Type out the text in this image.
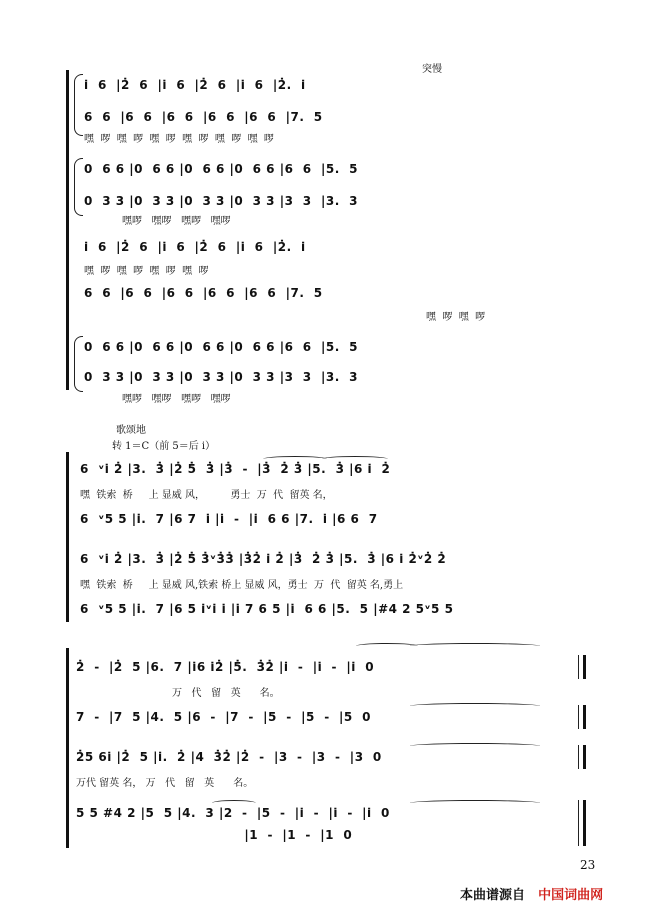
突慢
i̇  6  |2̇  6  |i̇  6  |2̇  6  |i̇  6  |2̇.  i̇
6  6  |6  6  |6  6  |6  6  |6  6  |7.  5
嘿  啰  嘿  啰  嘿  啰  嘿  啰  嘿  啰  嘿  啰
0  6 6 |0  6 6 |0  6 6 |0  6 6 |6  6  |5.  5
0  3 3 |0  3 3 |0  3 3 |0  3 3 |3  3  |3.  3
嘿啰   嘿啰   嘿啰   嘿啰
i̇  6  |2̇  6  |i̇  6  |2̇  6  |i̇  6  |2̇.  i̇
嘿  啰  嘿  啰  嘿  啰  嘿  啰
6  6  |6  6  |6  6  |6  6  |6  6  |7.  5
嘿  啰  嘿  啰
0  6 6 |0  6 6 |0  6 6 |0  6 6 |6  6  |5.  5
0  3 3 |0  3 3 |0  3 3 |0  3 3 |3  3  |3.  3
嘿啰   嘿啰   嘿啰   嘿啰
歌颂地
转 1＝C（前 5＝后 i）
6  ᵛi̇ 2̇ |3.  3̇ |2̇ 5̇  3̇ |3̇  -  |3̇  2̇ 3̇ |5.  3̇ |6 i̇  2̇
嘿  铁索  桥     上 显威 风，        勇士  万  代  留英 名，
6  ᵛ5 5 |i̇.  7 |6 7  i̇ |i̇  -  |i̇  6 6 |7.  i̇ |6 6  7
6  ᵛi̇ 2̇ |3.  3̇ |2̇ 5̇ 3̇ᵛ3̇3̇ |3̇2̇ i̇ 2̇ |3̇  2̇ 3̇ |5.  3̇ |6 i̇ 2̇ᵛ2̇ 2̇
嘿  铁索  桥     上 显威 风,铁索 桥上 显威 风，勇士  万  代  留英 名,勇上
6  ᵛ5 5 |i̇.  7 |6 5 i̇ᵛi̇ i̇ |i̇ 7 6 5 |i̇  6 6 |5.  5 |#4 2 5ᵛ5 5
2̇  -  |2̇  5 |6.  7 |i̇6 i̇2̇ |5̇.  3̇2̇ |i̇  -  |i̇  -  |i̇  0
万   代   留   英      名。
7  -  |7  5 |4.  5 |6  -  |7  -  |5  -  |5  -  |5  0
2̇5 6i̇ |2̇  5 |i̇.  2̇ |4  3̇2̇ |2̇  -  |3  -  |3  -  |3  0
万代 留英 名， 万   代   留   英      名。
5 5 #4 2 |5  5 |4.  3 |2  -  |5  -  |i̇  -  |i̇  -  |i̇  0
|1  -  |1  -  |1  0
23
本曲谱源自 中国词曲网
